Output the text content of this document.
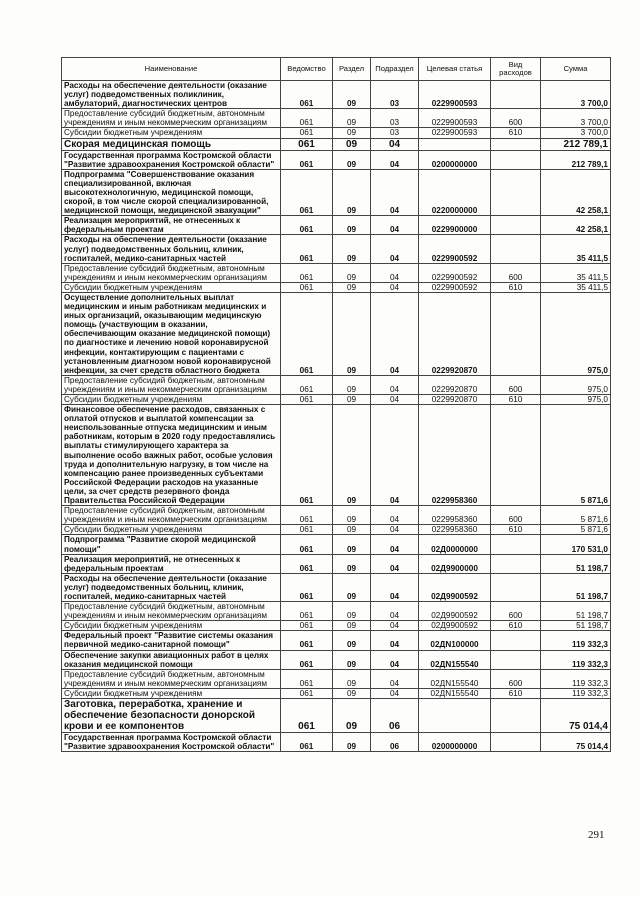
Наименование	Ведомство	Раздел	Подраздел	Целевая статья	Вид расходов	Сумма
Расходы на обеспечение деятельности (оказание услуг) подведомственных поликлиник, амбулаторий, диагностических центров	061	09	03	0229900593		3 700,0
Предоставление субсидий бюджетным, автономным учреждениям и иным некоммерческим организациям	061	09	03	0229900593	600	3 700,0
Субсидии бюджетным учреждениям	061	09	03	0229900593	610	3 700,0
Скорая медицинская помощь	061	09	04			212 789,1
Государственная программа Костромской области "Развитие здравоохранения Костромской области"	061	09	04	0200000000		212 789,1
Подпрограмма "Совершенствование оказания специализированной, включая высокотехнологичную, медицинской помощи, скорой, в том числе скорой специализированной, медицинской помощи, медицинской эвакуации"	061	09	04	0220000000		42 258,1
Реализация мероприятий, не отнесенных к федеральным проектам	061	09	04	0229900000		42 258,1
Расходы на обеспечение деятельности (оказание услуг) подведомственных больниц, клиник, госпиталей, медико-санитарных частей	061	09	04	0229900592		35 411,5
Предоставление субсидий бюджетным, автономным учреждениям и иным некоммерческим организациям	061	09	04	0229900592	600	35 411,5
Субсидии бюджетным учреждениям	061	09	04	0229900592	610	35 411,5
Осуществление дополнительных выплат медицинским и иным работникам медицинских и иных организаций, оказывающим медицинскую помощь (участвующим в оказании, обеспечивающим оказание медицинской помощи) по диагностике и лечению новой коронавирусной инфекции, контактирующим с пациентами с установленным диагнозом новой коронавирусной инфекции, за счет средств областного бюджета	061	09	04	0229920870		975,0
Предоставление субсидий бюджетным, автономным учреждениям и иным некоммерческим организациям	061	09	04	0229920870	600	975,0
Субсидии бюджетным учреждениям	061	09	04	0229920870	610	975,0
Финансовое обеспечение расходов, связанных с оплатой отпусков и выплатой компенсации за неиспользованные отпуска медицинским и иным работникам, которым в 2020 году предоставлялись выплаты стимулирующего характера за выполнение особо важных работ, особые условия труда и дополнительную нагрузку, в том числе на компенсацию ранее произведенных субъектами Российской Федерации расходов на указанные цели, за счет средств резервного фонда Правительства Российской Федерации	061	09	04	0229958360		5 871,6
Предоставление субсидий бюджетным, автономным учреждениям и иным некоммерческим организациям	061	09	04	0229958360	600	5 871,6
Субсидии бюджетным учреждениям	061	09	04	0229958360	610	5 871,6
Подпрограмма "Развитие скорой медицинской помощи"	061	09	04	02Д0000000		170 531,0
Реализация мероприятий, не отнесенных к федеральным проектам	061	09	04	02Д9900000		51 198,7
Расходы на обеспечение деятельности (оказание услуг) подведомственных больниц, клиник, госпиталей, медико-санитарных частей	061	09	04	02Д9900592		51 198,7
Предоставление субсидий бюджетным, автономным учреждениям и иным некоммерческим организациям	061	09	04	02Д9900592	600	51 198,7
Субсидии бюджетным учреждениям	061	09	04	02Д9900592	610	51 198,7
Федеральный проект "Развитие системы оказания первичной медико-санитарной помощи"	061	09	04	02ДN100000		119 332,3
Обеспечение закупки авиационных работ в целях оказания медицинской помощи	061	09	04	02ДN155540		119 332,3
Предоставление субсидий бюджетным, автономным учреждениям и иным некоммерческим организациям	061	09	04	02ДN155540	600	119 332,3
Субсидии бюджетным учреждениям	061	09	04	02ДN155540	610	119 332,3
Заготовка, переработка, хранение и обеспечение безопасности донорской крови и ее компонентов	061	09	06			75 014,4
Государственная программа Костромской области "Развитие здравоохранения Костромской области"	061	09	06	0200000000		75 014,4
291
